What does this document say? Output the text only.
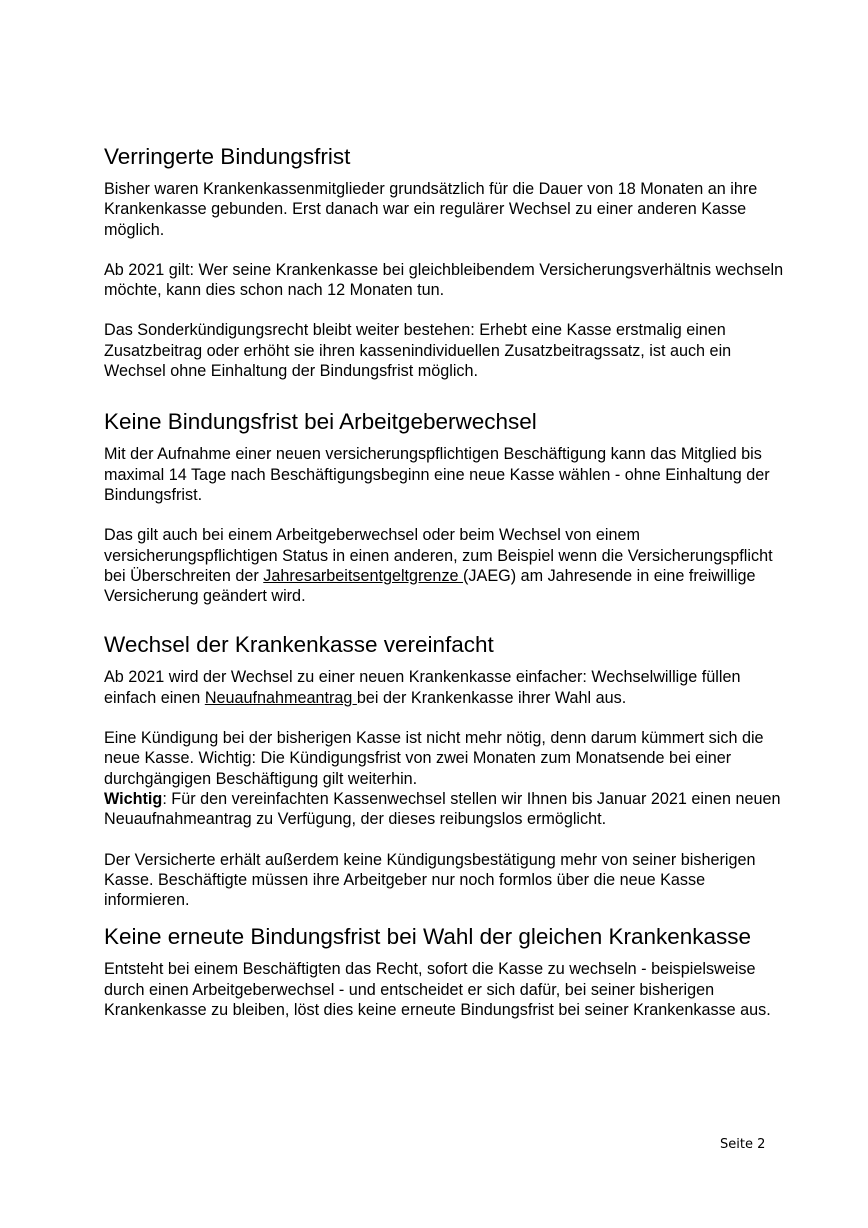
Verringerte Bindungsfrist

Bisher waren Krankenkassenmitglieder grundsätzlich für die Dauer von 18 Monaten an ihre Krankenkasse gebunden. Erst danach war ein regulärer Wechsel zu einer anderen Kasse möglich.

Ab 2021 gilt: Wer seine Krankenkasse bei gleichbleibendem Versicherungsverhältnis wechseln möchte, kann dies schon nach 12 Monaten tun.

Das Sonderkündigungsrecht bleibt weiter bestehen: Erhebt eine Kasse erstmalig einen Zusatzbeitrag oder erhöht sie ihren kassenindividuellen Zusatzbeitragssatz, ist auch ein Wechsel ohne Einhaltung der Bindungsfrist möglich.

Keine Bindungsfrist bei Arbeitgeberwechsel

Mit der Aufnahme einer neuen versicherungspflichtigen Beschäftigung kann das Mitglied bis maximal 14 Tage nach Beschäftigungsbeginn eine neue Kasse wählen - ohne Einhaltung der Bindungsfrist.

Das gilt auch bei einem Arbeitgeberwechsel oder beim Wechsel von einem versicherungspflichtigen Status in einen anderen, zum Beispiel wenn die Versicherungspflicht bei Überschreiten der Jahresarbeitsentgeltgrenze (JAEG) am Jahresende in eine freiwillige Versicherung geändert wird.

Wechsel der Krankenkasse vereinfacht

Ab 2021 wird der Wechsel zu einer neuen Krankenkasse einfacher: Wechselwillige füllen einfach einen Neuaufnahmeantrag bei der Krankenkasse ihrer Wahl aus.

Eine Kündigung bei der bisherigen Kasse ist nicht mehr nötig, denn darum kümmert sich die neue Kasse. Wichtig: Die Kündigungsfrist von zwei Monaten zum Monatsende bei einer durchgängigen Beschäftigung gilt weiterhin.

Wichtig: Für den vereinfachten Kassenwechsel stellen wir Ihnen bis Januar 2021 einen neuen Neuaufnahmeantrag zu Verfügung, der dieses reibungslos ermöglicht.

Der Versicherte erhält außerdem keine Kündigungsbestätigung mehr von seiner bisherigen Kasse. Beschäftigte müssen ihre Arbeitgeber nur noch formlos über die neue Kasse informieren.

Keine erneute Bindungsfrist bei Wahl der gleichen Krankenkasse

Entsteht bei einem Beschäftigten das Recht, sofort die Kasse zu wechseln - beispielsweise durch einen Arbeitgeberwechsel - und entscheidet er sich dafür, bei seiner bisherigen Krankenkasse zu bleiben, löst dies keine erneute Bindungsfrist bei seiner Krankenkasse aus.

Seite 2
